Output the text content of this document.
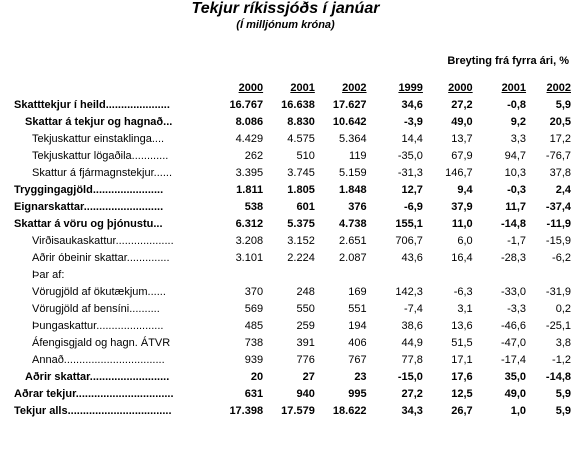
Tekjur ríkissjóðs í janúar
(Í milljónum króna)
				Breyting frá fyrra ári, %			

	2000	2001	2002	1999	2000	2001	2002
Skatttekjur í heild.....................	16.767	16.638	17.627	34,6	27,2	-0,8	5,9
Skattar á tekjur og hagnað...	8.086	8.830	10.642	-3,9	49,0	9,2	20,5
Tekjuskattur einstaklinga....	4.429	4.575	5.364	14,4	13,7	3,3	17,2
Tekjuskattur lögaðila............	262	510	119	-35,0	67,9	94,7	-76,7
Skattur á fjármagnstekjur......	3.395	3.745	5.159	-31,3	146,7	10,3	37,8
Tryggingagjöld.......................	1.811	1.805	1.848	12,7	9,4	-0,3	2,4
Eignarskattar..........................	538	601	376	-6,9	37,9	11,7	-37,4
Skattar á vöru og þjónustu...	6.312	5.375	4.738	155,1	11,0	-14,8	-11,9
Virðisaukaskattur...................	3.208	3.152	2.651	706,7	6,0	-1,7	-15,9
Aðrir óbeinir skattar..............	3.101	2.224	2.087	43,6	16,4	-28,3	-6,2
Þar af:							
Vörugjöld af ökutækjum......	370	248	169	142,3	-6,3	-33,0	-31,9
Vörugjöld af bensíni..........	569	550	551	-7,4	3,1	-3,3	0,2
Þungaskattur......................	485	259	194	38,6	13,6	-46,6	-25,1
Áfengisgjald og hagn. ÁTVR	738	391	406	44,9	51,5	-47,0	3,8
Annað.................................	939	776	767	77,8	17,1	-17,4	-1,2
Aðrir skattar..........................	20	27	23	-15,0	17,6	35,0	-14,8
Aðrar tekjur................................	631	940	995	27,2	12,5	49,0	5,9
Tekjur alls..................................	17.398	17.579	18.622	34,3	26,7	1,0	5,9
